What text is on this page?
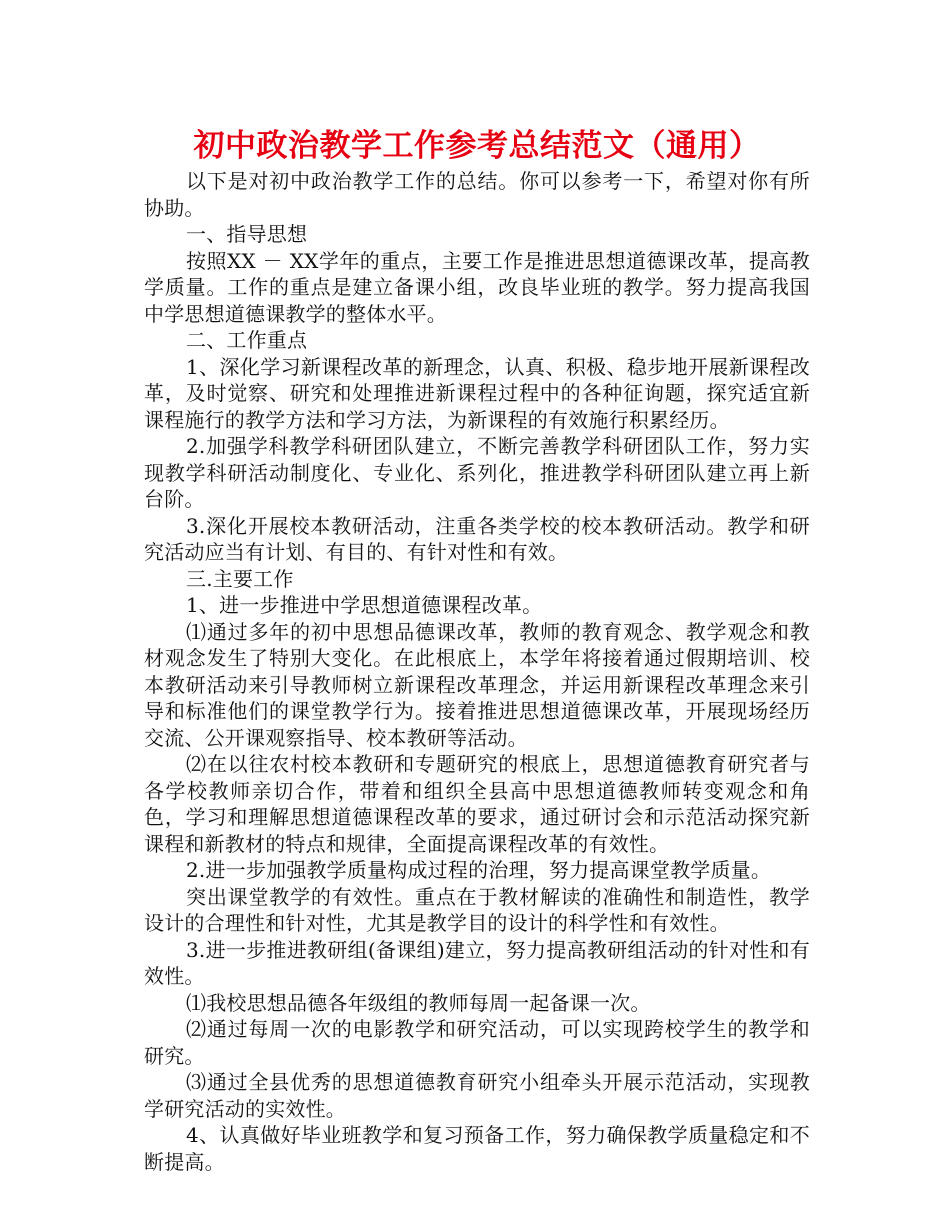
初中政治教学工作参考总结范文（通用）

以下是对初中政治教学工作的总结。你可以参考一下，希望对你有所协助。

一、指导思想

按照XX － XX学年的重点，主要工作是推进思想道德课改革，提高教学质量。工作的重点是建立备课小组，改良毕业班的教学。努力提高我国中学思想道德课教学的整体水平。

二、工作重点

1、深化学习新课程改革的新理念，认真、积极、稳步地开展新课程改革，及时觉察、研究和处理推进新课程过程中的各种征询题，探究适宜新课程施行的教学方法和学习方法，为新课程的有效施行积累经历。

2.加强学科教学科研团队建立，不断完善教学科研团队工作，努力实现教学科研活动制度化、专业化、系列化，推进教学科研团队建立再上新台阶。

3.深化开展校本教研活动，注重各类学校的校本教研活动。教学和研究活动应当有计划、有目的、有针对性和有效。

三.主要工作

1、进一步推进中学思想道德课程改革。

⑴通过多年的初中思想品德课改革，教师的教育观念、教学观念和教材观念发生了特别大变化。在此根底上，本学年将接着通过假期培训、校本教研活动来引导教师树立新课程改革理念，并运用新课程改革理念来引导和标准他们的课堂教学行为。接着推进思想道德课改革，开展现场经历交流、公开课观察指导、校本教研等活动。

⑵在以往农村校本教研和专题研究的根底上，思想道德教育研究者与各学校教师亲切合作，带着和组织全县高中思想道德教师转变观念和角色，学习和理解思想道德课程改革的要求，通过研讨会和示范活动探究新课程和新教材的特点和规律，全面提高课程改革的有效性。

2.进一步加强教学质量构成过程的治理，努力提高课堂教学质量。

突出课堂教学的有效性。重点在于教材解读的准确性和制造性，教学设计的合理性和针对性，尤其是教学目的设计的科学性和有效性。

3.进一步推进教研组(备课组)建立，努力提高教研组活动的针对性和有效性。

⑴我校思想品德各年级组的教师每周一起备课一次。

⑵通过每周一次的电影教学和研究活动，可以实现跨校学生的教学和研究。

⑶通过全县优秀的思想道德教育研究小组牵头开展示范活动，实现教学研究活动的实效性。

4、认真做好毕业班教学和复习预备工作，努力确保教学质量稳定和不断提高。
